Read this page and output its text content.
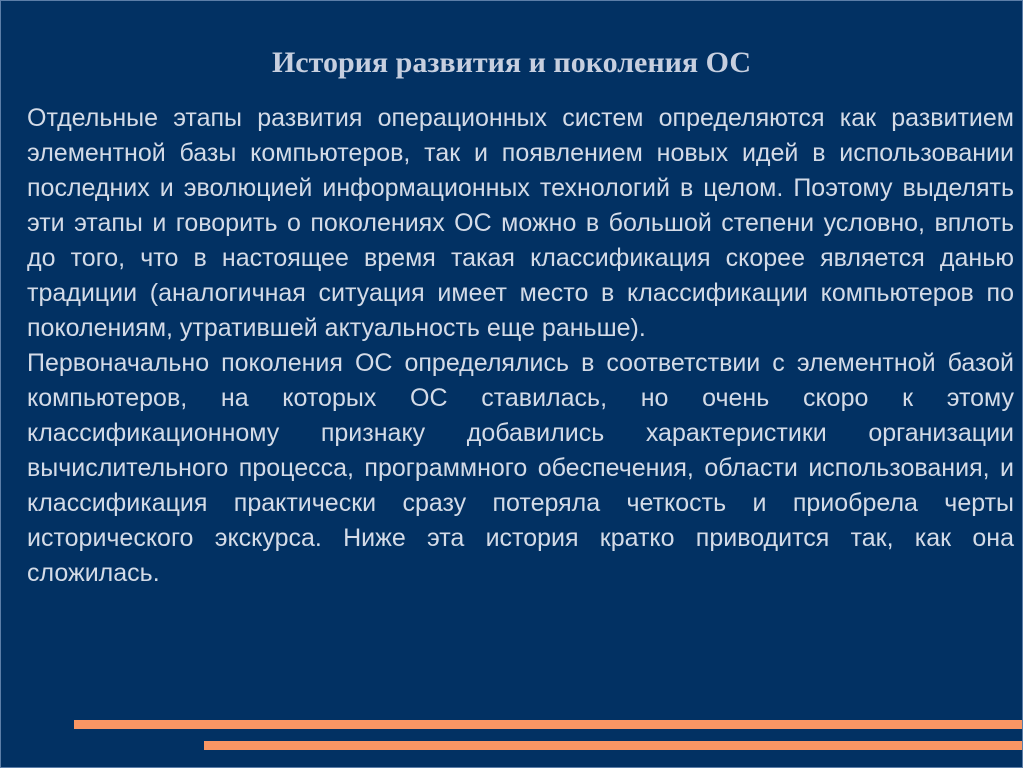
История развития и поколения ОС

Отдельные этапы развития операционных систем определяются как развитием элементной базы компьютеров, так и появлением новых идей в использовании последних и эволюцией информационных технологий в целом. Поэтому выделять эти этапы и говорить о поколениях ОС можно в большой степени условно, вплоть до того, что в настоящее время такая классификация скорее является данью традиции (аналогичная ситуация имеет место в классификации компьютеров по поколениям, утратившей актуальность еще раньше).

Первоначально поколения ОС определялись в соответствии с элементной базой компьютеров, на которых ОС ставилась, но очень скоро к этому классификационному признаку добавились характеристики организации вычислительного процесса, программного обеспечения, области использования, и классификация практически сразу потеряла четкость и приобрела черты исторического экскурса. Ниже эта история кратко приводится так, как она сложилась.
